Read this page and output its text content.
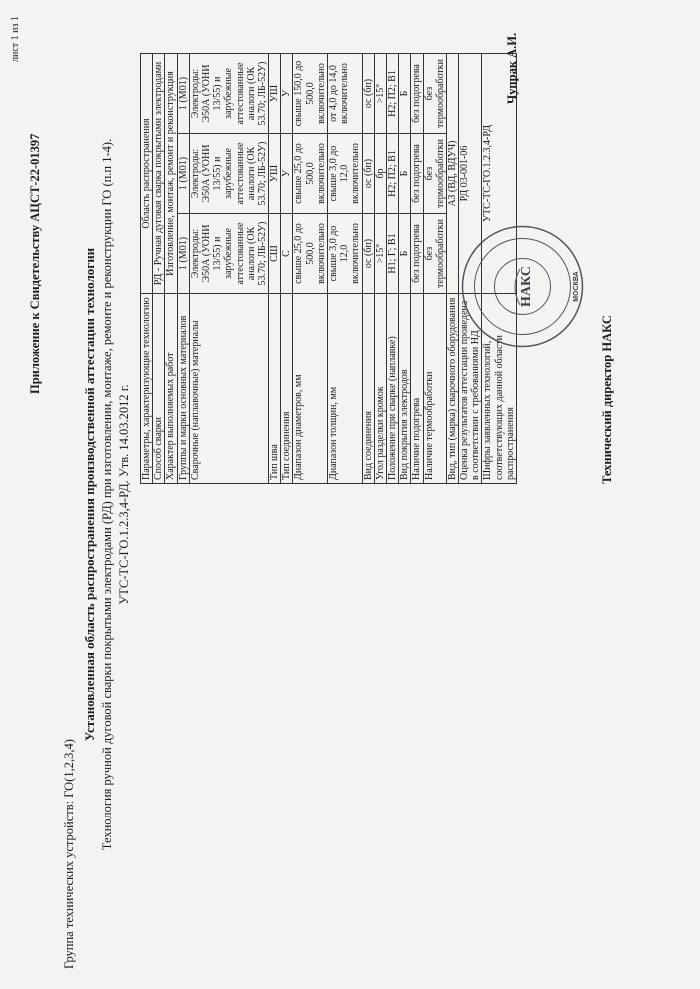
лист 1 из 1
Приложение к Свидетельству АЦСТ-22-01397
Группа технических устройств: ГО(1,2,3,4)
Установленная область распространения производственной аттестации технологии Технология ручной дуговой сварки покрытыми электродами (РД) при изготовлении, монтаже, ремонте и реконструкции ГО (п.п 1-4). УТС-ТС-ГО.1.2.3,4-РД. Утв. 14.03.2012 г. Параметры, характеризующие технологию	Область распространения		
Способ сварки	РД - Ручная дуговая сварка покрытыми электродами		
Характер выполняемых работ	Изготовление, монтаж, ремонт и реконструкция		
Группы и марки основных материалов	1 (М01)	1 (М01)	1 (М01)
Сварочные (наплавочные) материалы	Электроды: Э50А (УОНИ 13/55) и зарубежные аттестованные аналоги (ОК 53.70; ЛБ-52У)	Электроды: Э50А (УОНИ 13/55) и зарубежные аттестованные аналоги (ОК 53.70; ЛБ-52У)	Электроды: Э50А (УОНИ 13/55) и зарубежные аттестованные аналоги (ОК 53.70; ЛБ-52У)
Тип шва	СШ	УШ	УШ
Тип соединения	С	У	У
Диапазон диаметров, мм	свыше 25,0 до 500,0 включительно	свыше 25,0 до 500,0 включительно	свыше 150,0 до 500,0 включительно
Диапазон толщин, мм	свыше 3,0 до 12,0 включительно	свыше 3,0 до 12,0 включительно	от 4,0 до 14,0 включительно
Вид соединения	ос (бп)	ос (бп)	ос (бп)
Угол разделки кромок	>15°	бр	>15°
Положение при сварке (наплавке)	Н1; Г; В1	Н2; П2; В1	Н2; П2; В1
Вид покрытия электродов	Б	Б	Б
Наличие подогрева	без подогрева	без подогрева	без подогрева
Наличие термообработки	без термообработки	без термообработки	без термообработки
Вид, тип (марка) сварочного оборудования	АЗ (ВД, ВДУЧ)		
Оценка результатов аттестации проведена в соответствии с требованиями НД	РД 03-001-06		
Шифры заявленных технологий, соответствующих данной области распространения	УТС-ТС-ГО.1.2.3,4-РД		
Технический директор НАКС
Чупрак А.И.
НАКС	МОСКВА
